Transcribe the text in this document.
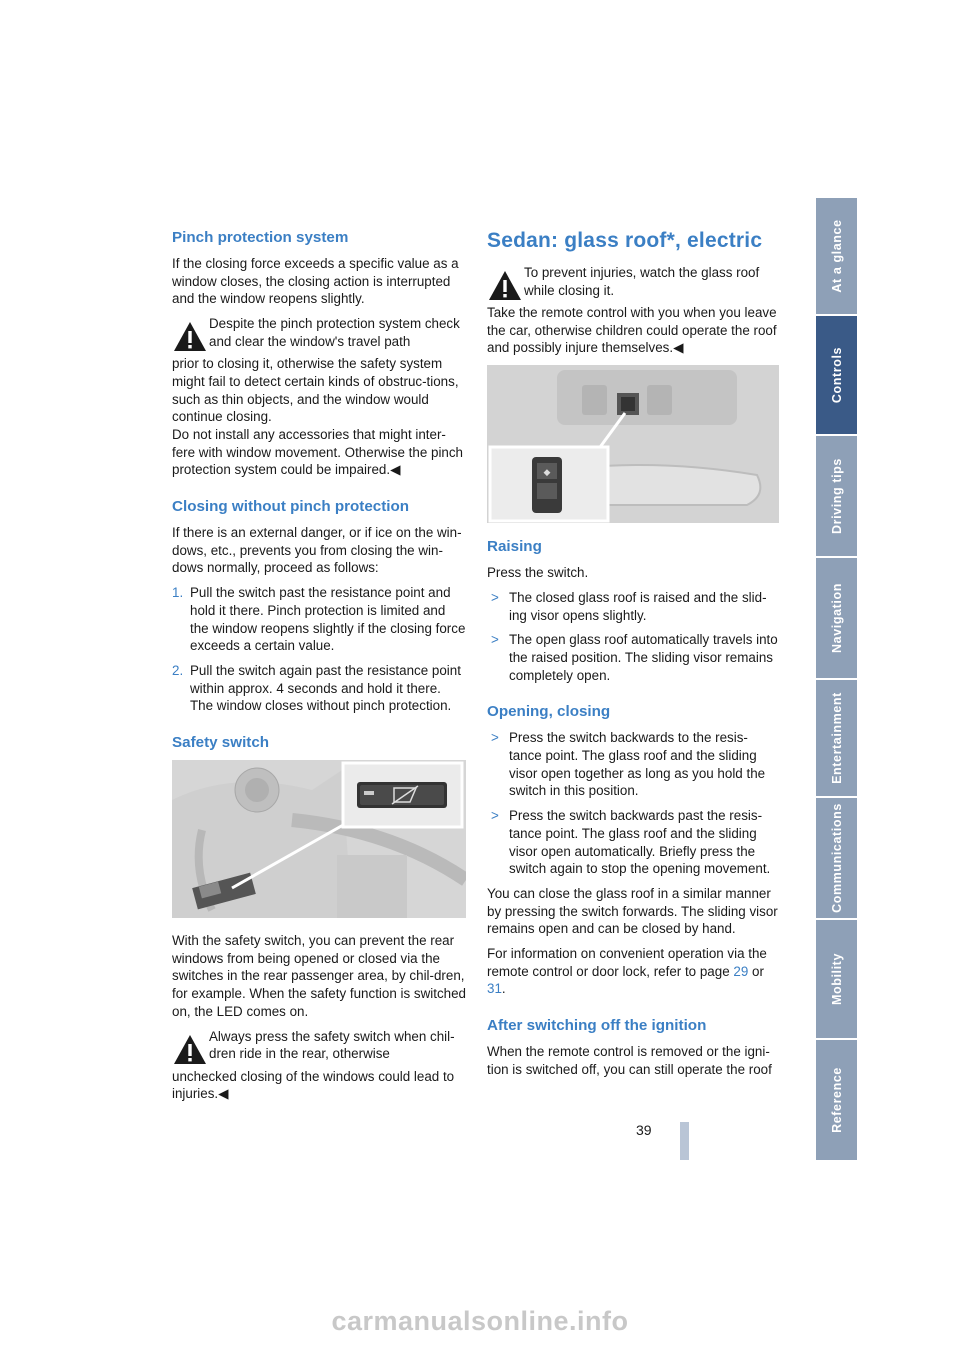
At a glance
Controls
Driving tips
Navigation
Entertainment
Communications
Mobility
Reference
Pinch protection system

If the closing force exceeds a specific value as a window closes, the closing action is interrupted and the window reopens slightly.

Despite the pinch protection system check and clear the window's travel path
prior to closing it, otherwise the safety system might fail to detect certain kinds of obstruc-tions, such as thin objects, and the window would continue closing.
Do not install any accessories that might inter-fere with window movement. Otherwise the pinch protection system could be impaired.◀
Closing without pinch protection

If there is an external danger, or if ice on the win-dows, etc., prevents you from closing the win-dows normally, proceed as follows:

1. Pull the switch past the resistance point and hold it there. Pinch protection is limited and the window reopens slightly if the closing force exceeds a certain value.
2. Pull the switch again past the resistance point within approx. 4 seconds and hold it there. The window closes without pinch protection.
Safety switch

With the safety switch, you can prevent the rear windows from being opened or closed via the switches in the rear passenger area, by chil-dren, for example. When the safety function is switched on, the LED comes on.

Always press the safety switch when chil-dren ride in the rear, otherwise
unchecked closing of the windows could lead to injuries.◀
Sedan: glass roof*, electric
To prevent injuries, watch the glass roof while closing it.
Take the remote control with you when you leave the car, otherwise children could operate the roof and possibly injure themselves.◀
◆
Raising

Press the switch.

> The closed glass roof is raised and the slid-ing visor opens slightly.
> The open glass roof automatically travels into the raised position. The sliding visor remains completely open.
Opening, closing
> Press the switch backwards to the resis-tance point. The glass roof and the sliding visor open together as long as you hold the switch in this position.
> Press the switch backwards past the resis-tance point. The glass roof and the sliding visor open automatically. Briefly press the switch again to stop the opening movement.

You can close the glass roof in a similar manner by pressing the switch forwards. The sliding visor remains open and can be closed by hand.

For information on convenient operation via the remote control or door lock, refer to page 29 or 31.

After switching off the ignition

When the remote control is removed or the igni-tion is switched off, you can still operate the roof

39
carmanualsonline.info
